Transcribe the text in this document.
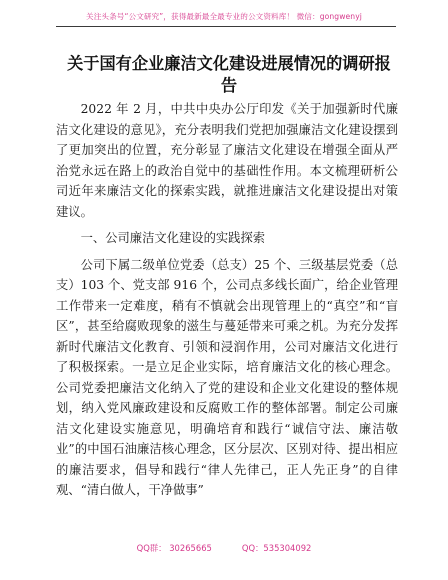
关注头条号“公文研究”，获得最新最全最专业的公文资料库！ 微信：gongwenyj
关于国有企业廉洁文化建设进展情况的调研报告

2022 年 2 月，中共中央办公厅印发《关于加强新时代廉洁文化建设的意见》，充分表明我们党把加强廉洁文化建设摆到了更加突出的位置，充分彰显了廉洁文化建设在增强全面从严治党永远在路上的政治自觉中的基础性作用。本文梳理研析公司近年来廉洁文化的探索实践，就推进廉洁文化建设提出对策建议。

一、公司廉洁文化建设的实践探索

公司下属二级单位党委（总支）25 个、三级基层党委（总支）103 个、党支部 916 个，公司点多线长面广，给企业管理工作带来一定难度，稍有不慎就会出现管理上的“真空”和“盲区”，甚至给腐败现象的滋生与蔓延带来可乘之机。为充分发挥新时代廉洁文化教育、引领和浸润作用，公司对廉洁文化进行了积极探索。一是立足企业实际，培育廉洁文化的核心理念。公司党委把廉洁文化纳入了党的建设和企业文化建设的整体规划，纳入党风廉政建设和反腐败工作的整体部署。制定公司廉洁文化建设实施意见，明确培育和践行“诚信守法、廉洁敬业”的中国石油廉洁核心理念，区分层次、区别对待、提出相应的廉洁要求，倡导和践行“律人先律己，正人先正身”的自律观、“清白做人，干净做事”

QQ群： 30265665	QQ：535304092
